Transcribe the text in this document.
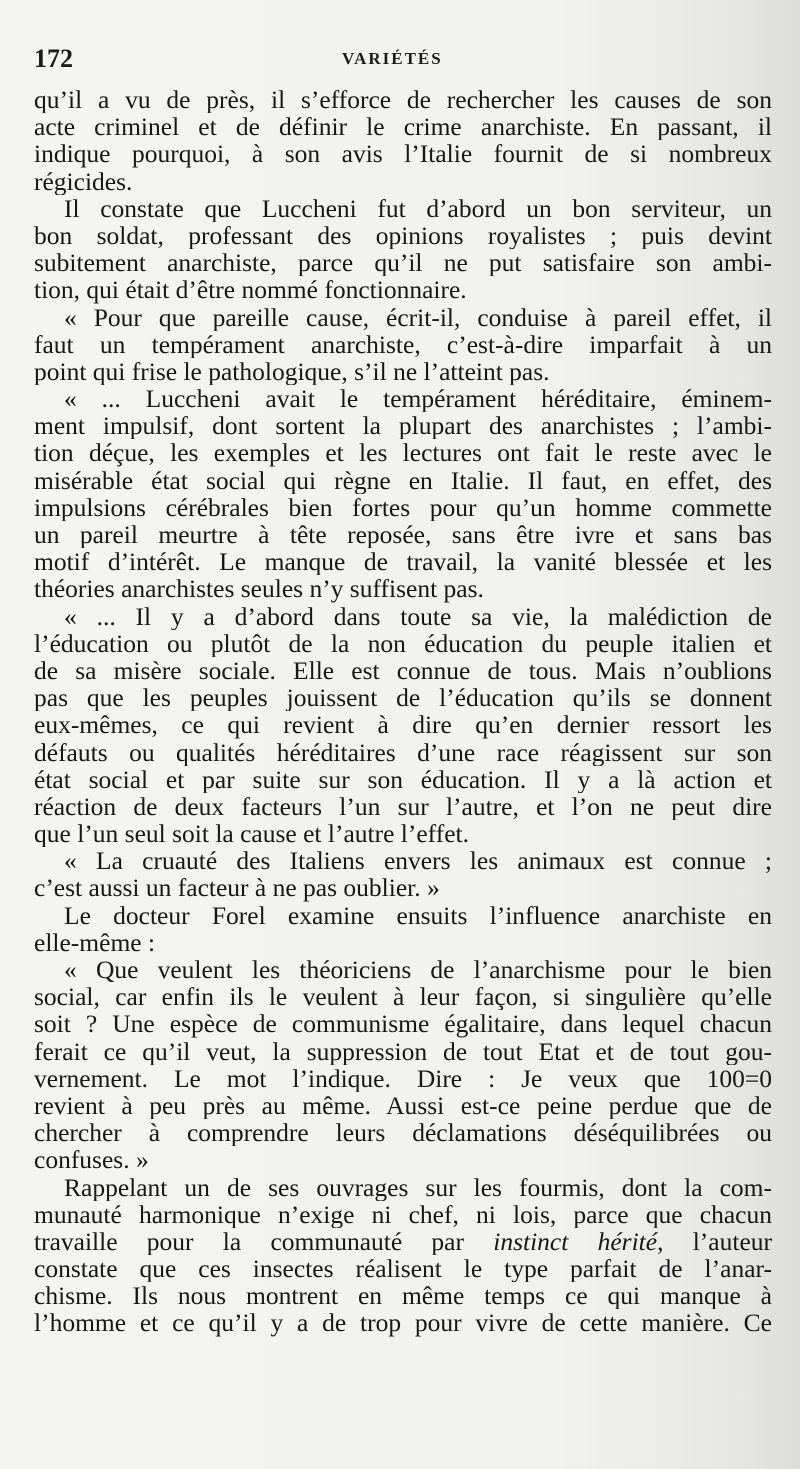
172	VARIÉTÉS
qu’il a vu de près, il s’efforce de rechercher les causes de son
acte criminel et de définir le crime anarchiste. En passant, il
indique pourquoi, à son avis l’Italie fournit de si nombreux
régicides.
Il constate que Luccheni fut d’abord un bon serviteur, un
bon soldat, professant des opinions royalistes ; puis devint
subitement anarchiste, parce qu’il ne put satisfaire son ambi-
tion, qui était d’être nommé fonctionnaire.
« Pour que pareille cause, écrit-il, conduise à pareil effet, il
faut un tempérament anarchiste, c’est-à-dire imparfait à un
point qui frise le pathologique, s’il ne l’atteint pas.
« ... Luccheni avait le tempérament héréditaire, éminem-
ment impulsif, dont sortent la plupart des anarchistes ; l’ambi-
tion déçue, les exemples et les lectures ont fait le reste avec le
misérable état social qui règne en Italie. Il faut, en effet, des
impulsions cérébrales bien fortes pour qu’un homme commette
un pareil meurtre à tête reposée, sans être ivre et sans bas
motif d’intérêt. Le manque de travail, la vanité blessée et les
théories anarchistes seules n’y suffisent pas.
« ... Il y a d’abord dans toute sa vie, la malédiction de
l’éducation ou plutôt de la non éducation du peuple italien et
de sa misère sociale. Elle est connue de tous. Mais n’oublions
pas que les peuples jouissent de l’éducation qu’ils se donnent
eux-mêmes, ce qui revient à dire qu’en dernier ressort les
défauts ou qualités héréditaires d’une race réagissent sur son
état social et par suite sur son éducation. Il y a là action et
réaction de deux facteurs l’un sur l’autre, et l’on ne peut dire
que l’un seul soit la cause et l’autre l’effet.
« La cruauté des Italiens envers les animaux est connue ;
c’est aussi un facteur à ne pas oublier. »
Le docteur Forel examine ensuits l’influence anarchiste en
elle-même :
« Que veulent les théoriciens de l’anarchisme pour le bien
social, car enfin ils le veulent à leur façon, si singulière qu’elle
soit ? Une espèce de communisme égalitaire, dans lequel chacun
ferait ce qu’il veut, la suppression de tout Etat et de tout gou-
vernement. Le mot l’indique. Dire : Je veux que 100=0
revient à peu près au même. Aussi est-ce peine perdue que de
chercher à comprendre leurs déclamations déséquilibrées ou
confuses. »
Rappelant un de ses ouvrages sur les fourmis, dont la com-
munauté harmonique n’exige ni chef, ni lois, parce que chacun
travaille pour la communauté par instinct hérité, l’auteur
constate que ces insectes réalisent le type parfait de l’anar-
chisme. Ils nous montrent en même temps ce qui manque à
l’homme et ce qu’il y a de trop pour vivre de cette manière. Ce
